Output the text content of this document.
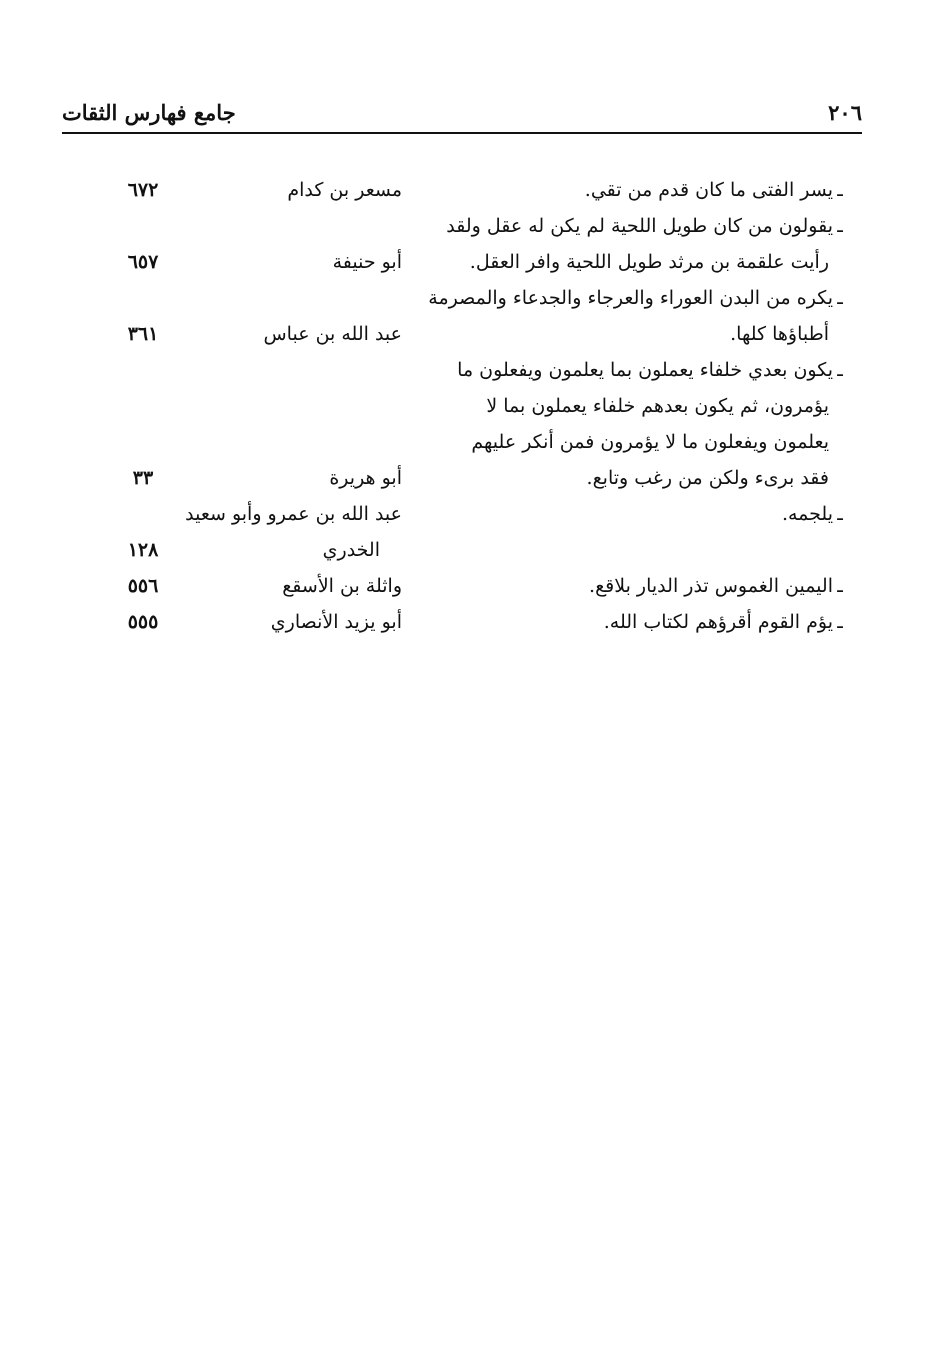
جامع فهارس الثقات	٢٠٦
ـيسر الفتى ما كان قدم من تقي.
ـيقولون من كان طويل اللحية لم يكن له عقل ولقد
رأيت علقمة بن مرثد طويل اللحية وافر العقل.
ـيكره من البدن العوراء والعرجاء والجدعاء والمصرمة
أطباؤها كلها.
ـيكون بعدي خلفاء يعملون بما يعلمون ويفعلون ما
يؤمرون، ثم يكون بعدهم خلفاء يعملون بما لا
يعلمون ويفعلون ما لا يؤمرون فمن أنكر عليهم
فقد برىء ولكن من رغب وتابع.
ـيلجمه.
ـاليمين الغموس تذر الديار بلاقع.
ـيؤم القوم أقرؤهم لكتاب الله.
مسعر بن كدام
٦٧٢
أبو حنيفة
٦٥٧
عبد الله بن عباس
٣٦١
أبو هريرة
٣٣
عبد الله بن عمرو وأبو سعيد
الخدري
١٢٨
واثلة بن الأسقع
٥٥٦
أبو يزيد الأنصاري
٥٥٥
